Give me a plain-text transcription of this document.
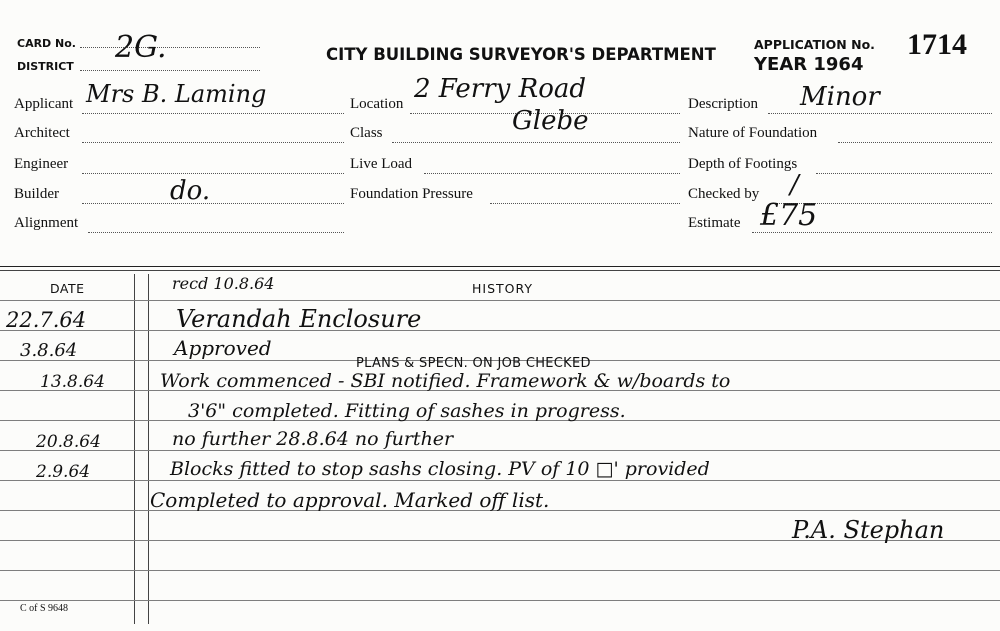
CARD No. 2G.
DISTRICT
CITY BUILDING SURVEYOR'S DEPARTMENT
APPLICATION No. 1714
YEAR 1964
Applicant Mrs B. Laming
Architect
Engineer
Builder	do.
Alignment
Location 2 Ferry Road
Glebe
Class
Live Load
Foundation Pressure
Description Minor
Nature of Foundation
Depth of Footings
Checked by /
Estimate £75
DATE	HISTORY
recd 10.8.64
22.7.64	Verandah Enclosure
3.8.64	Approved
PLANS & SPECN. ON JOB CHECKED
13.8.64	Work commenced - SBI notified. Framework & w/boards to
3'6" completed. Fitting of sashes in progress.
20.8.64	no further 28.8.64 no further
2.9.64	Blocks fitted to stop sashs closing. PV of 10 □' provided
Completed to approval. Marked off list.
P.A. Stephan
C of S 9648
